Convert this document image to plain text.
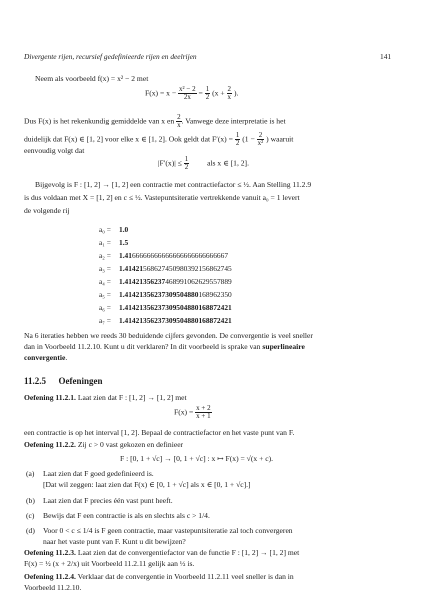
Divergente rijen, recursief gedefinieerde rijen en deelrijen	141
Neem als voorbeeld f(x) = x² − 2 met
$F(x) = x - \frac{\text{x² − 2}}{2x} = \frac{1}{2} (x + \frac{2}{x}$ ).
Dus F(x) is het rekenkundig gemiddelde van x en $\frac{2}{x}$ . Vanwege deze interpretatie is het
duidelijk dat F(x) ∈ [1, 2] voor elke x ∈ [1, 2]. Ook geldt dat $F'(x) = \frac{1}{2} (1 - \frac{2}{\text{x²}}$ ) waaruit
eenvoudig volgt dat
$|F'(x)| \le \frac{1}{2}$ als x ∈ [1, 2].
Bijgevolg is F : [1, 2] → [1, 2] een contractie met contractiefactor ≤ ½. Aan Stelling 11.2.9
is dus voldaan met X = [1, 2] en c ≤ ½. Vastepuntsiteratie vertrekkende vanuit a₀ = 1 levert
de volgende rij
a₀ = 1.0
a₁ = 1.5
a₂ = 1.4166666666666666666666666667
a₃ = 1.41421568627450980392156862745
a₄ = 1.41421356237468991062629557889
a₅ = 1.41421356237309504880168962350
a₆ = 1.41421356237309504880168872421
a₇ = 1.41421356237309504880168872421
Na 6 iteraties hebben we reeds 30 beduidende cijfers gevonden. De convergentie is veel sneller
dan in Voorbeeld 11.2.10. Kunt u dit verklaren? In dit voorbeeld is sprake van superlineaire
convergentie.
11.2.5 Oefeningen
Oefening 11.2.1. Laat zien dat F : [1, 2] → [1, 2] met
$F(x) = \frac{x + 2}{x + 1}$
een contractie is op het interval [1, 2]. Bepaal de contractiefactor en het vaste punt van F.
Oefening 11.2.2. Zij c > 0 vast gekozen en definieer
F : [0, 1 + √c] → [0, 1 + √c] : x ↦ F(x) = √(x + c).
(a) Laat zien dat F goed gedefinieerd is.
[Dat wil zeggen: laat zien dat F(x) ∈ [0, 1 + √c] als x ∈ [0, 1 + √c].]
(b) Laat zien dat F precies één vast punt heeft.
(c) Bewijs dat F een contractie is als en slechts als c > 1/4.
(d) Voor 0 < c ≤ 1/4 is F geen contractie, maar vastepuntsiteratie zal toch convergeren
naar het vaste punt van F. Kunt u dit bewijzen?
Oefening 11.2.3. Laat zien dat de convergentiefactor van de functie F : [1, 2] → [1, 2] met
F(x) = ½ (x + 2/x) uit Voorbeeld 11.2.11 gelijk aan ½ is.
Oefening 11.2.4. Verklaar dat de convergentie in Voorbeeld 11.2.11 veel sneller is dan in
Voorbeeld 11.2.10.
